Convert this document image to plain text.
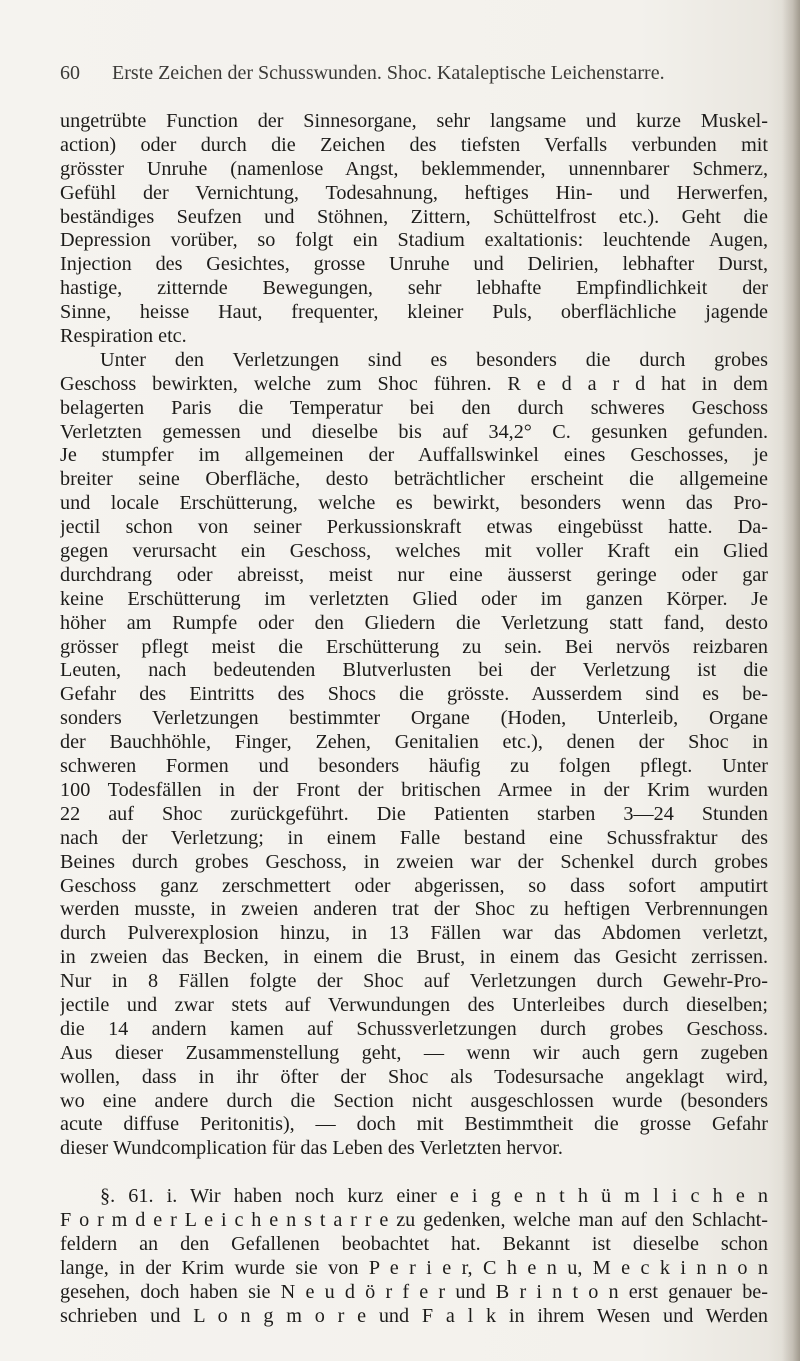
60 Erste Zeichen der Schusswunden. Shoc. Kataleptische Leichenstarre.
ungetrübte Function der Sinnesorgane, sehr langsame und kurze Muskel-
action) oder durch die Zeichen des tiefsten Verfalls verbunden mit
grösster Unruhe (namenlose Angst, beklemmender, unnennbarer Schmerz,
Gefühl der Vernichtung, Todesahnung, heftiges Hin- und Herwerfen,
beständiges Seufzen und Stöhnen, Zittern, Schüttelfrost etc.). Geht die
Depression vorüber, so folgt ein Stadium exaltationis: leuchtende Augen,
Injection des Gesichtes, grosse Unruhe und Delirien, lebhafter Durst,
hastige, zitternde Bewegungen, sehr lebhafte Empfindlichkeit der
Sinne, heisse Haut, frequenter, kleiner Puls, oberflächliche jagende
Respiration etc.
Unter den Verletzungen sind es besonders die durch grobes
Geschoss bewirkten, welche zum Shoc führen. R e d a r d hat in dem
belagerten Paris die Temperatur bei den durch schweres Geschoss
Verletzten gemessen und dieselbe bis auf 34,2° C. gesunken gefunden.
Je stumpfer im allgemeinen der Auffallswinkel eines Geschosses, je
breiter seine Oberfläche, desto beträchtlicher erscheint die allgemeine
und locale Erschütterung, welche es bewirkt, besonders wenn das Pro-
jectil schon von seiner Perkussionskraft etwas eingebüsst hatte. Da-
gegen verursacht ein Geschoss, welches mit voller Kraft ein Glied
durchdrang oder abreisst, meist nur eine äusserst geringe oder gar
keine Erschütterung im verletzten Glied oder im ganzen Körper. Je
höher am Rumpfe oder den Gliedern die Verletzung statt fand, desto
grösser pflegt meist die Erschütterung zu sein. Bei nervös reizbaren
Leuten, nach bedeutenden Blutverlusten bei der Verletzung ist die
Gefahr des Eintritts des Shocs die grösste. Ausserdem sind es be-
sonders Verletzungen bestimmter Organe (Hoden, Unterleib, Organe
der Bauchhöhle, Finger, Zehen, Genitalien etc.), denen der Shoc in
schweren Formen und besonders häufig zu folgen pflegt. Unter
100 Todesfällen in der Front der britischen Armee in der Krim wurden
22 auf Shoc zurückgeführt. Die Patienten starben 3—24 Stunden
nach der Verletzung; in einem Falle bestand eine Schussfraktur des
Beines durch grobes Geschoss, in zweien war der Schenkel durch grobes
Geschoss ganz zerschmettert oder abgerissen, so dass sofort amputirt
werden musste, in zweien anderen trat der Shoc zu heftigen Verbrennungen
durch Pulverexplosion hinzu, in 13 Fällen war das Abdomen verletzt,
in zweien das Becken, in einem die Brust, in einem das Gesicht zerrissen.
Nur in 8 Fällen folgte der Shoc auf Verletzungen durch Gewehr-Pro-
jectile und zwar stets auf Verwundungen des Unterleibes durch dieselben;
die 14 andern kamen auf Schussverletzungen durch grobes Geschoss.
Aus dieser Zusammenstellung geht, — wenn wir auch gern zugeben
wollen, dass in ihr öfter der Shoc als Todesursache angeklagt wird,
wo eine andere durch die Section nicht ausgeschlossen wurde (besonders
acute diffuse Peritonitis), — doch mit Bestimmtheit die grosse Gefahr
dieser Wundcomplication für das Leben des Verletzten hervor.
§. 61. i. Wir haben noch kurz einer e i g e n t h ü m l i c h e n
F o r m d e r L e i c h e n s t a r r e zu gedenken, welche man auf den Schlacht-
feldern an den Gefallenen beobachtet hat. Bekannt ist dieselbe schon
lange, in der Krim wurde sie von P e r i e r, C h e n u, M e c k i n n o n
gesehen, doch haben sie N e u d ö r f e r und B r i n t o n erst genauer be-
schrieben und L o n g m o r e und F a l k in ihrem Wesen und Werden
